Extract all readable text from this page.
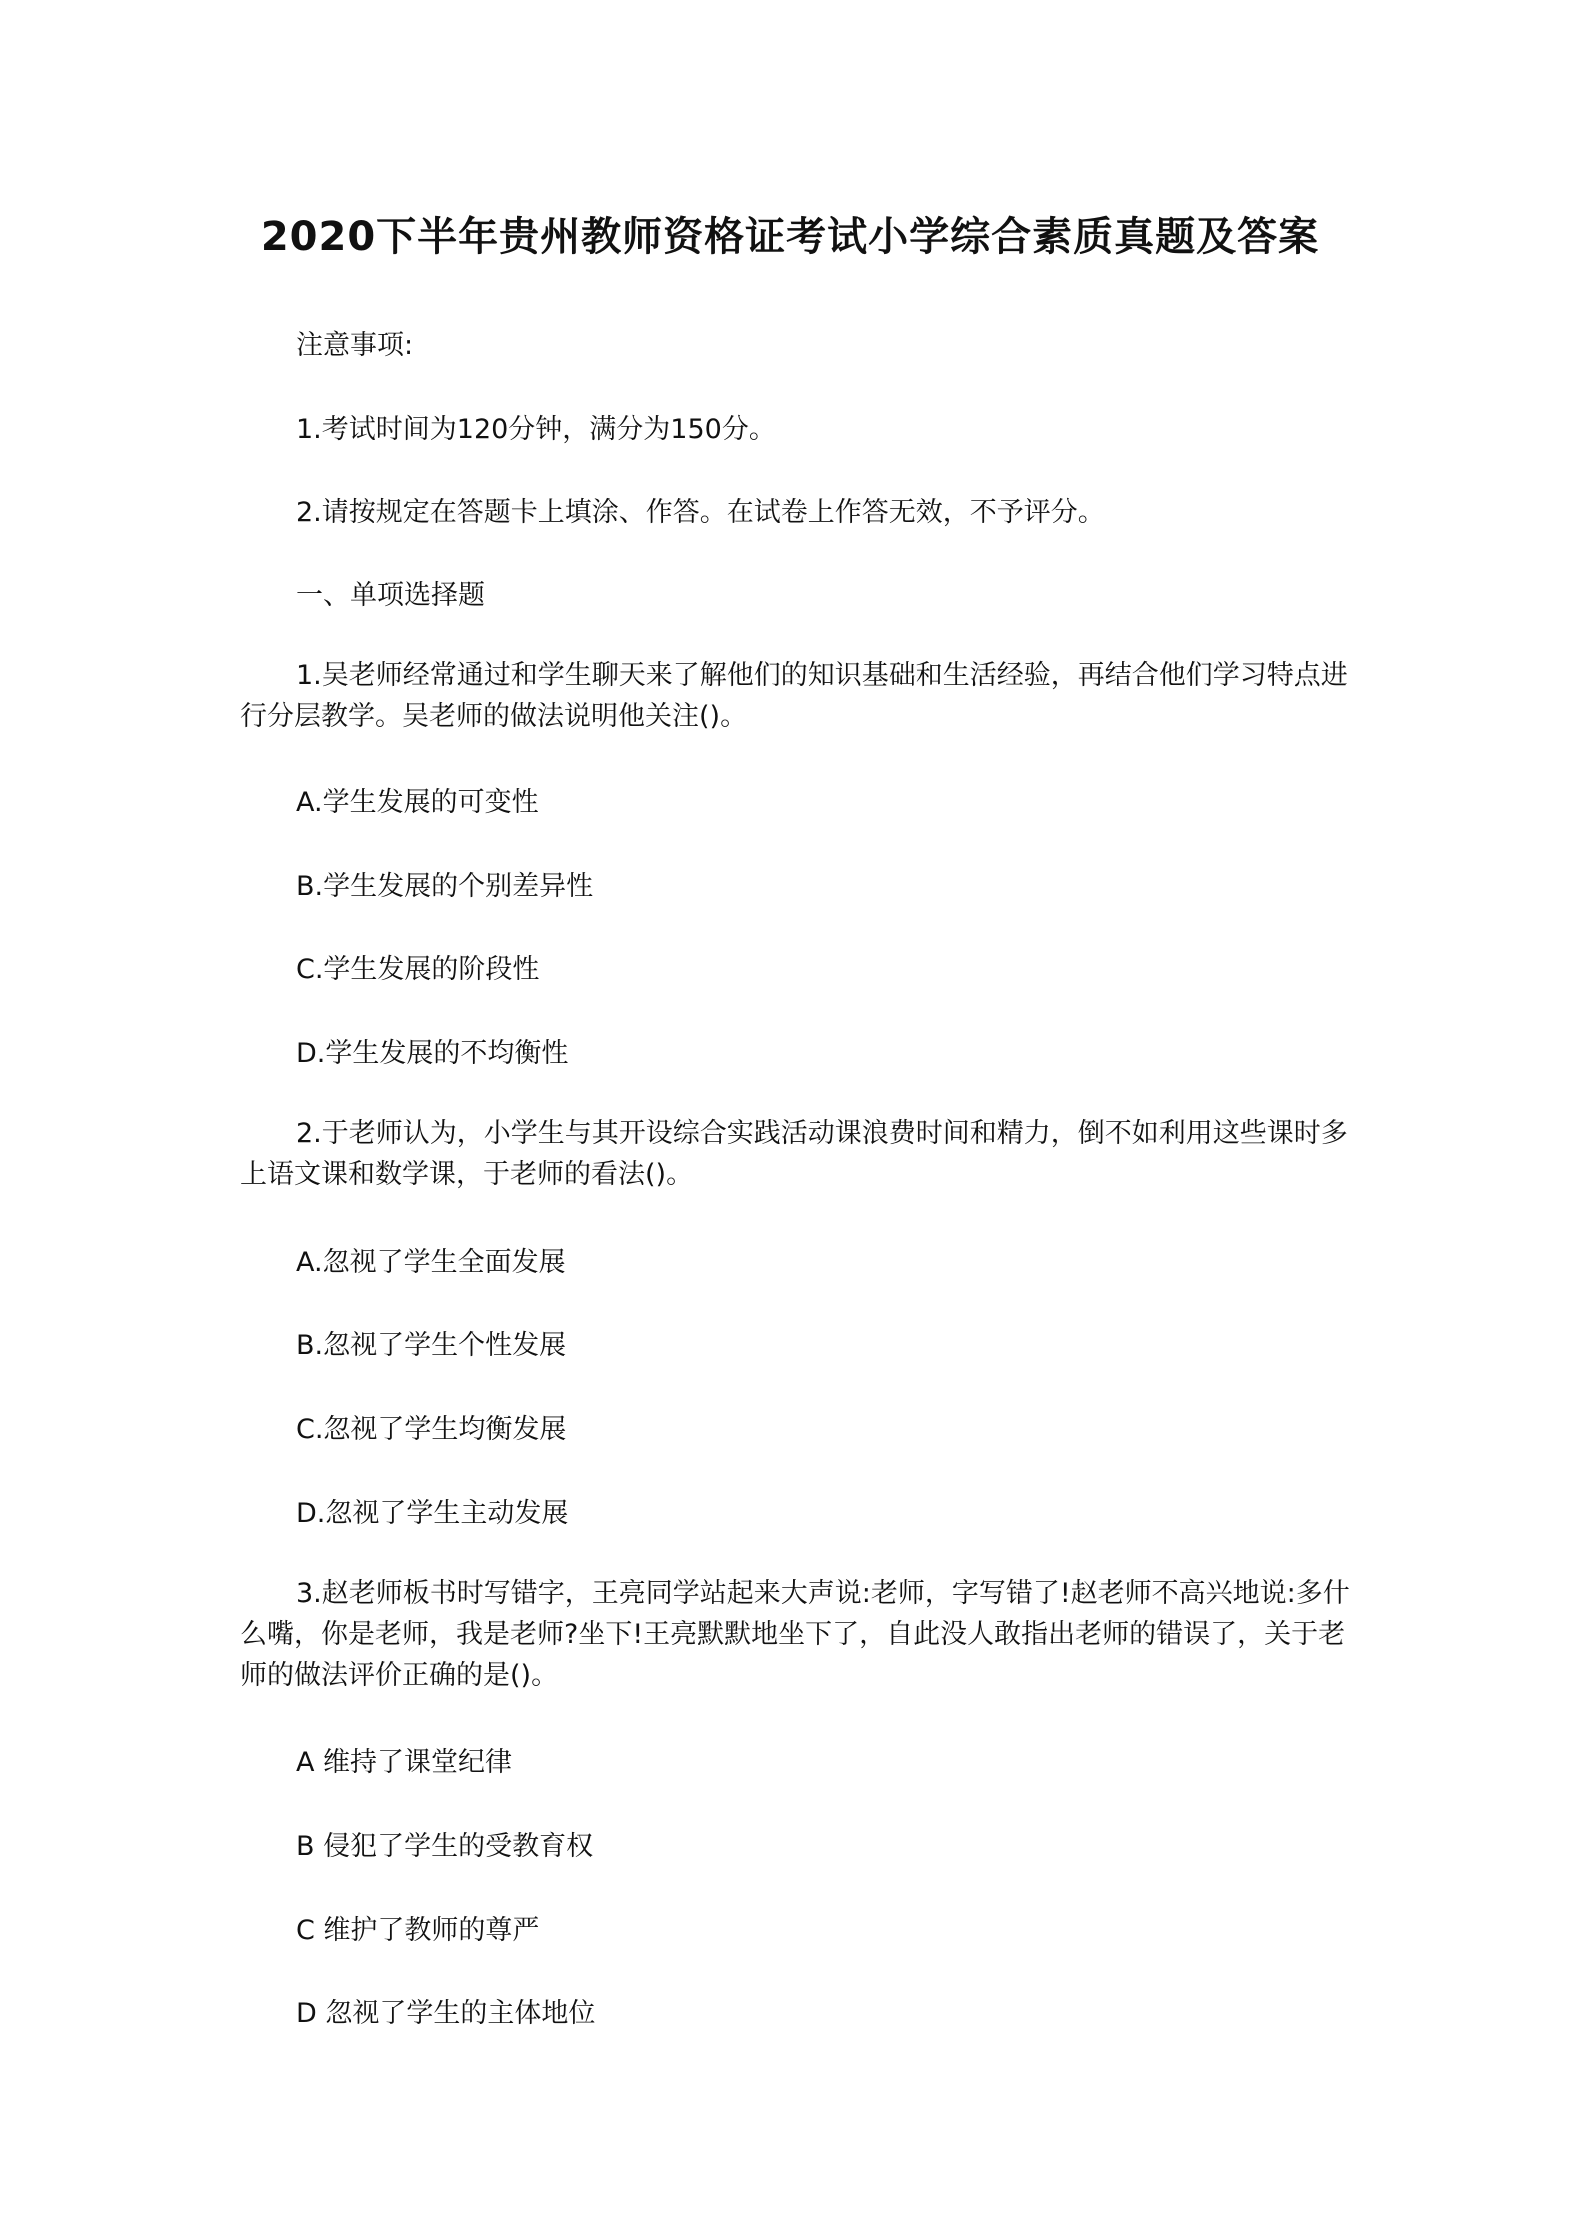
2020下半年贵州教师资格证考试小学综合素质真题及答案

注意事项:

1.考试时间为120分钟，满分为150分。

2.请按规定在答题卡上填涂、作答。在试卷上作答无效，不予评分。

一、单项选择题

1.吴老师经常通过和学生聊天来了解他们的知识基础和生活经验，再结合他们学习特点进行分层教学。吴老师的做法说明他关注()。

A.学生发展的可变性

B.学生发展的个别差异性

C.学生发展的阶段性

D.学生发展的不均衡性

2.于老师认为，小学生与其开设综合实践活动课浪费时间和精力，倒不如利用这些课时多上语文课和数学课，于老师的看法()。

A.忽视了学生全面发展

B.忽视了学生个性发展

C.忽视了学生均衡发展

D.忽视了学生主动发展

3.赵老师板书时写错字，王亮同学站起来大声说:老师，字写错了!赵老师不高兴地说:多什么嘴，你是老师，我是老师?坐下!王亮默默地坐下了，自此没人敢指出老师的错误了，关于老师的做法评价正确的是()。

A 维持了课堂纪律

B 侵犯了学生的受教育权

C 维护了教师的尊严

D 忽视了学生的主体地位
